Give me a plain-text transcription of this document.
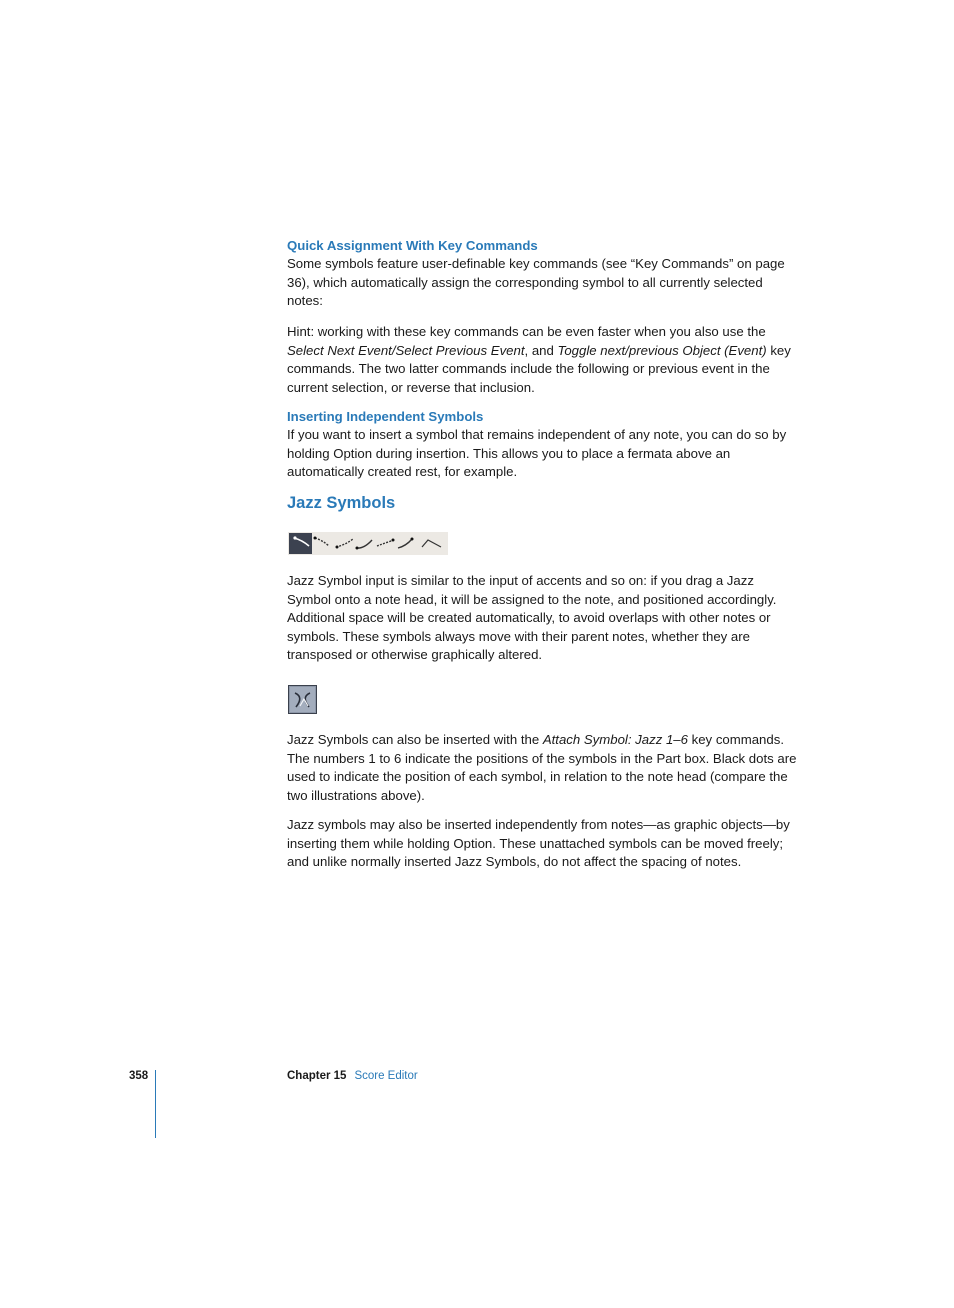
Quick Assignment With Key Commands

Some symbols feature user-definable key commands (see “Key Commands” on page 36), which automatically assign the corresponding symbol to all currently selected notes:

Hint: working with these key commands can be even faster when you also use the Select Next Event/Select Previous Event, and Toggle next/previous Object (Event) key commands. The two latter commands include the following or previous event in the current selection, or reverse that inclusion.

Inserting Independent Symbols

If you want to insert a symbol that remains independent of any note, you can do so by holding Option during insertion. This allows you to place a fermata above an automatically created rest, for example.

Jazz Symbols

Jazz Symbol input is similar to the input of accents and so on: if you drag a Jazz Symbol onto a note head, it will be assigned to the note, and positioned accordingly. Additional space will be created automatically, to avoid overlaps with other notes or symbols. These symbols always move with their parent notes, whether they are transposed or otherwise graphically altered.

Jazz Symbols can also be inserted with the Attach Symbol: Jazz 1–6 key commands. The numbers 1 to 6 indicate the positions of the symbols in the Part box. Black dots are used to indicate the position of each symbol, in relation to the note head (compare the two illustrations above).

Jazz symbols may also be inserted independently from notes—as graphic objects—by inserting them while holding Option. These unattached symbols can be moved freely; and unlike normally inserted Jazz Symbols, do not affect the spacing of notes.

358	Chapter 15 Score Editor
